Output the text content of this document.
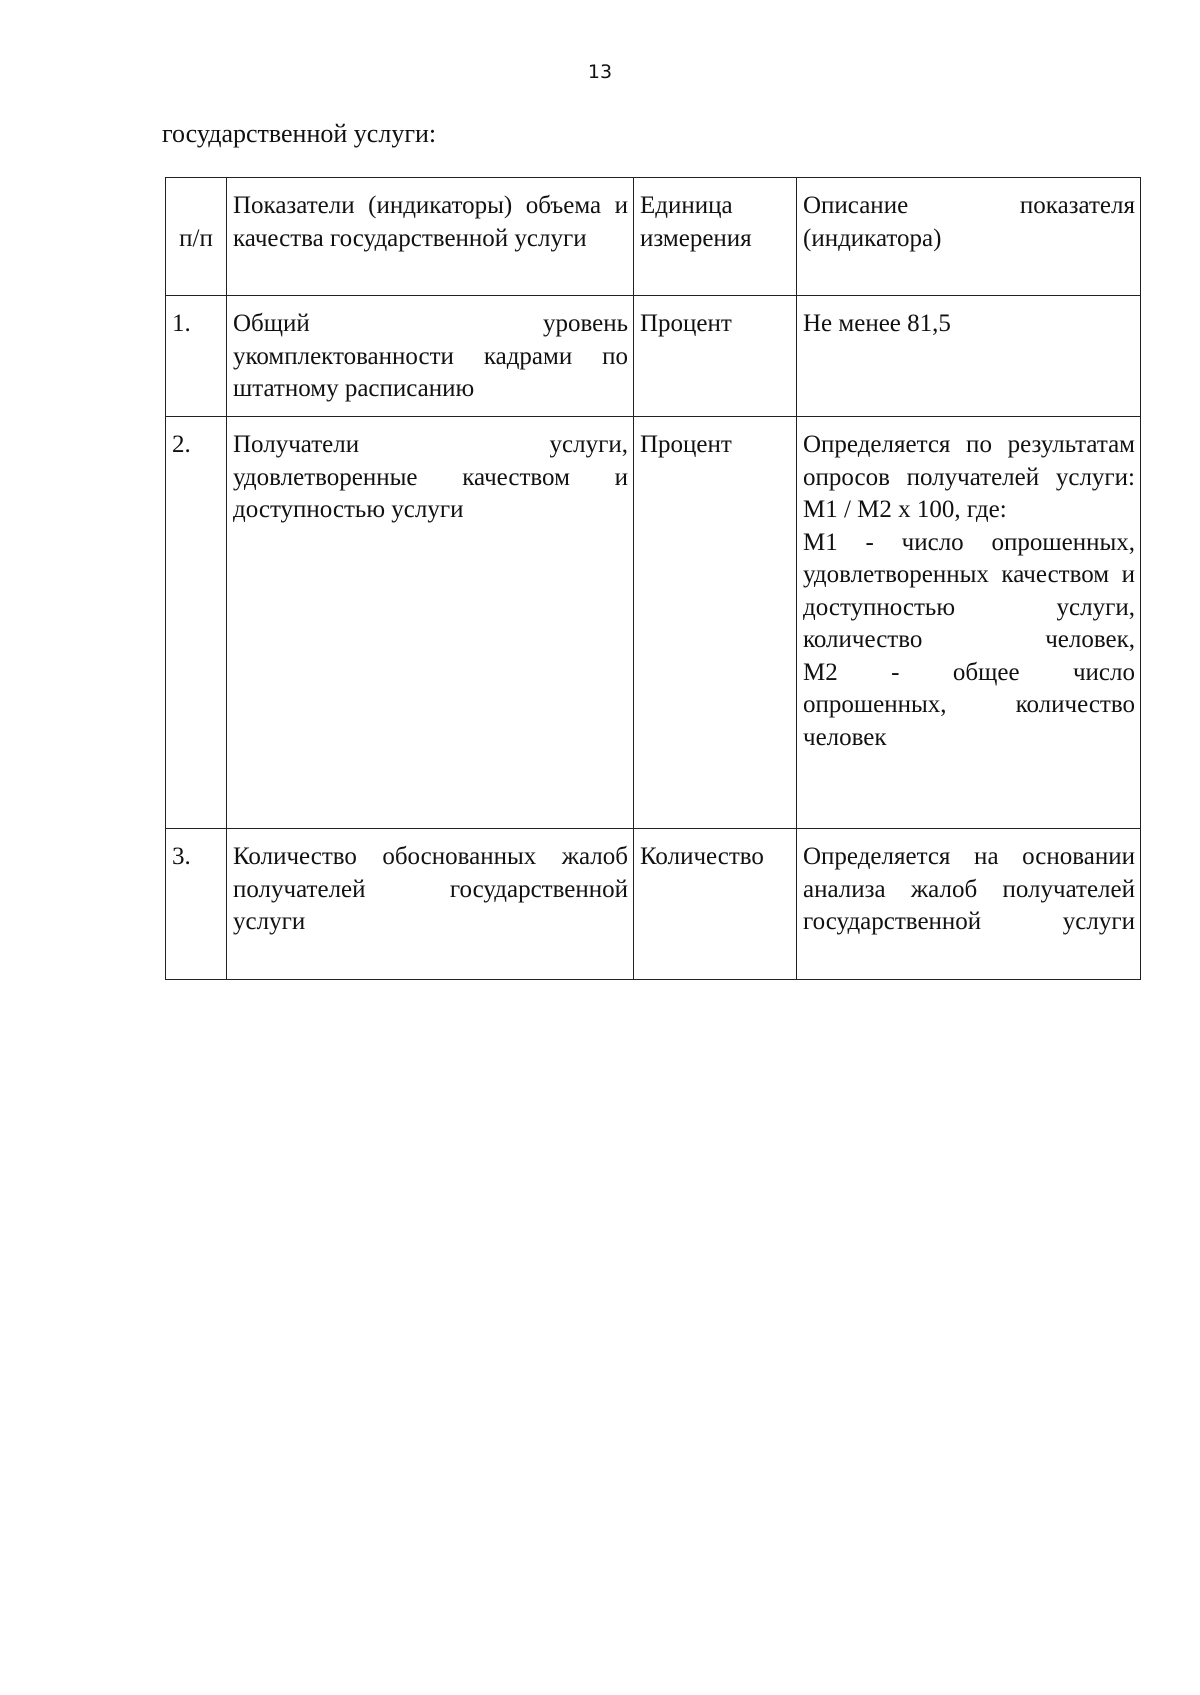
13
государственной услуги:
п/п	Показатели (индикаторы) объема и качества государственной услуги	Единица измерения	Описание показателя (индикатора)
1.	Общий уровень укомплектованности кадрами по штатному расписанию	Процент	Не менее 81,5

2.	Получатели услуги, удовлетворенные качеством и доступностью услуги	Процент	Определяется по результатам опросов получателей услуги:
М1 / М2 х 100, где:
М1 - число опрошенных, удовлетворенных качеством и доступностью услуги, количество человек,
М2 - общее число опрошенных, количество человек

3.	Количество обоснованных жалоб получателей государственной услуги	Количество	Определяется на основании анализа жалоб получателей государственной услуги
